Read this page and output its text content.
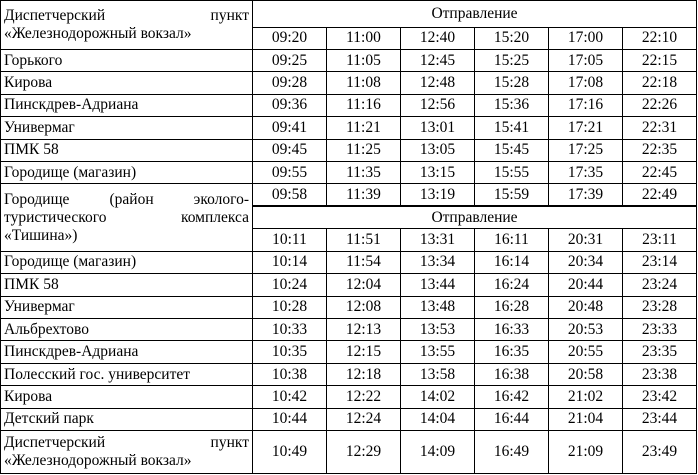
Диспетчерский пункт «Железнодорожный вокзал»	Отправление					
	09:20	11:00	12:40	15:20	17:00	22:10
Горького	09:25	11:05	12:45	15:25	17:05	22:15
Кирова	09:28	11:08	12:48	15:28	17:08	22:18
Пинскдрев-Адриана	09:36	11:16	12:56	15:36	17:16	22:26
Универмаг	09:41	11:21	13:01	15:41	17:21	22:31
ПМК 58	09:45	11:25	13:05	15:45	17:25	22:35
Городище (магазин)	09:55	11:35	13:15	15:55	17:35	22:45
Городище (район эколого-туристического комплекса «Тишина»)	09:58	11:39	13:19	15:59	17:39	22:49
	Отправление					
	10:11	11:51	13:31	16:11	20:31	23:11
Городище (магазин)	10:14	11:54	13:34	16:14	20:34	23:14
ПМК 58	10:24	12:04	13:44	16:24	20:44	23:24
Универмаг	10:28	12:08	13:48	16:28	20:48	23:28
Альбрехтово	10:33	12:13	13:53	16:33	20:53	23:33
Пинскдрев-Адриана	10:35	12:15	13:55	16:35	20:55	23:35
Полесский гос. университет	10:38	12:18	13:58	16:38	20:58	23:38
Кирова	10:42	12:22	14:02	16:42	21:02	23:42
Детский парк	10:44	12:24	14:04	16:44	21:04	23:44
Диспетчерский пункт «Железнодорожный вокзал»	10:49	12:29	14:09	16:49	21:09	23:49
